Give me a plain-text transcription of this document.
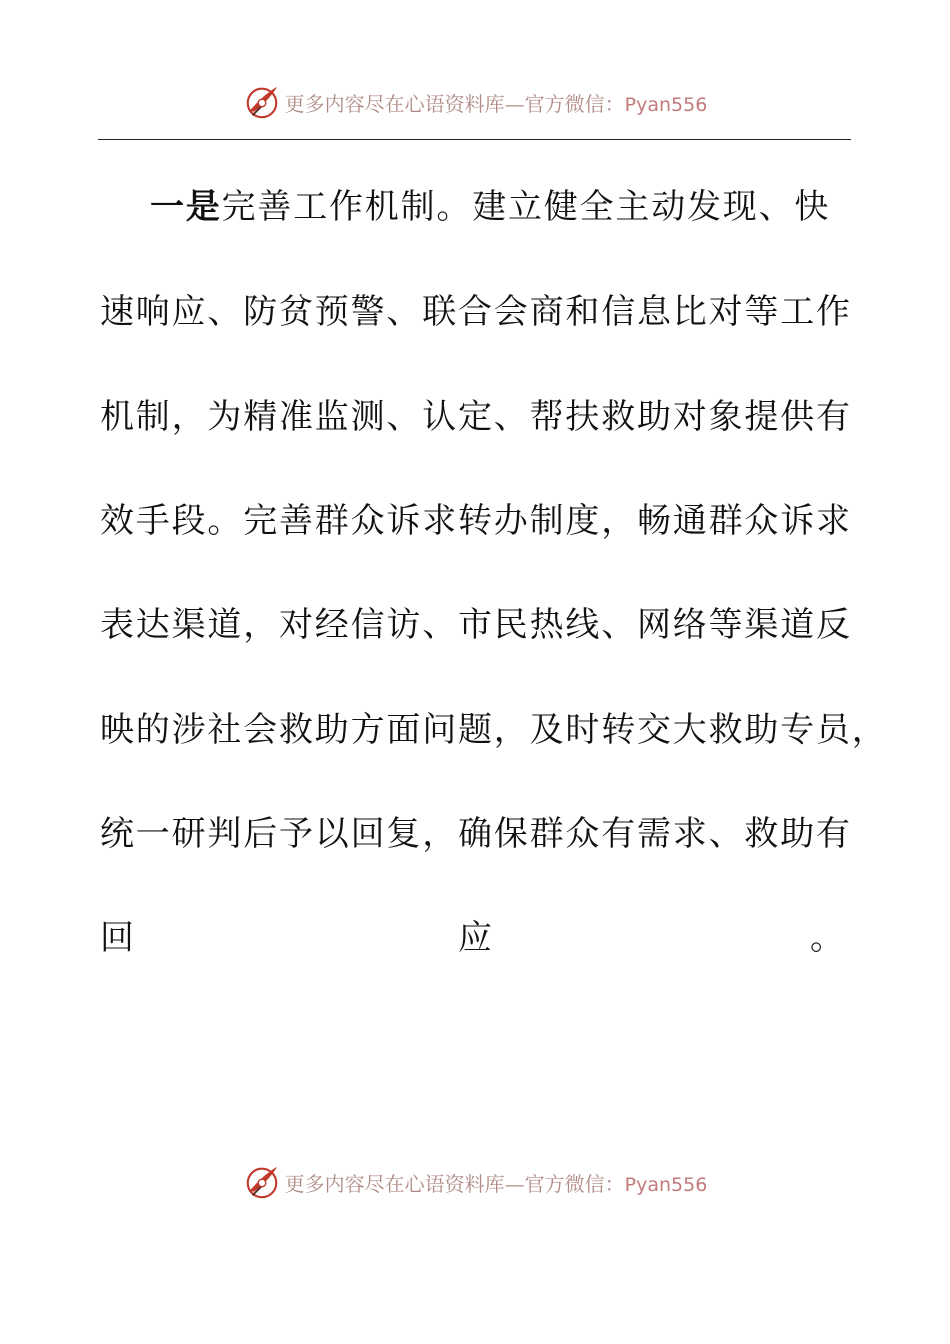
更多内容尽在心语资料库—官方微信：Pyan556
一是完善工作机制。建立健全主动发现、快
速响应、防贫预警、联合会商和信息比对等工作
机制，为精准监测、认定、帮扶救助对象提供有
效手段。完善群众诉求转办制度，畅通群众诉求
表达渠道，对经信访、市民热线、网络等渠道反
映的涉社会救助方面问题，及时转交大救助专员，
统一研判后予以回复，确保群众有需求、救助有
回	应	。
更多内容尽在心语资料库—官方微信：Pyan556
